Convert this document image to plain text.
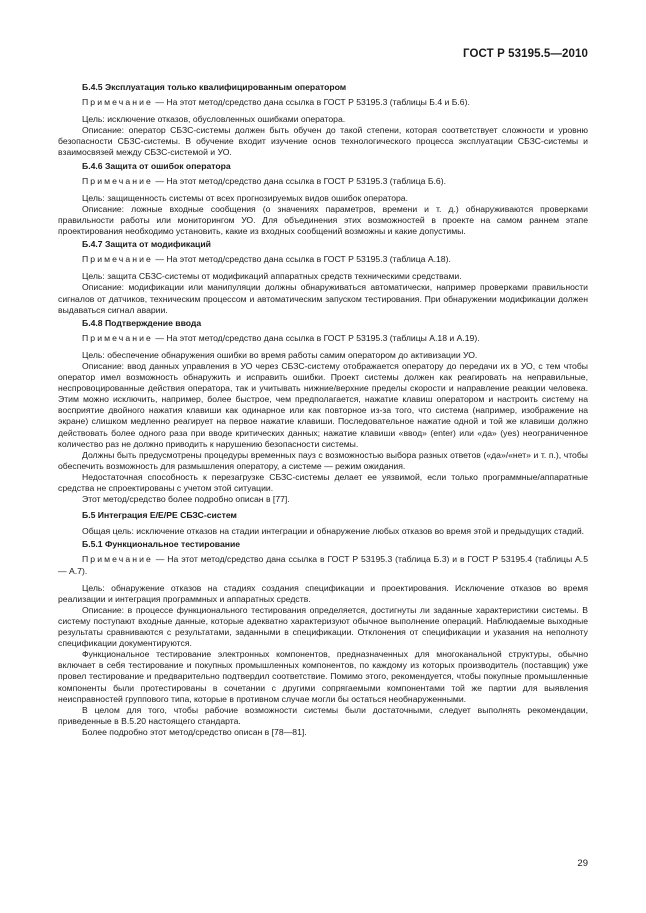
ГОСТ Р 53195.5—2010

Б.4.5 Эксплуатация только квалифицированным оператором

Примечание — На этот метод/средство дана ссылка в ГОСТ Р 53195.3 (таблицы Б.4 и Б.6).

Цель: исключение отказов, обусловленных ошибками оператора.

Описание: оператор СБЗС-системы должен быть обучен до такой степени, которая соответствует сложности и уровню безопасности СБЗС-системы. В обучение входит изучение основ технологического процесса эксплуатации СБЗС-системы и взаимосвязей между СБЗС-системой и УО.

Б.4.6 Защита от ошибок оператора

Примечание — На этот метод/средство дана ссылка в ГОСТ Р 53195.3 (таблица Б.6).

Цель: защищенность системы от всех прогнозируемых видов ошибок оператора.

Описание: ложные входные сообщения (о значениях параметров, времени и т. д.) обнаруживаются проверками правильности работы или мониторингом УО. Для объединения этих возможностей в проекте на самом раннем этапе проектирования необходимо установить, какие из входных сообщений возможны и какие допустимы.

Б.4.7 Защита от модификаций

Примечание — На этот метод/средство дана ссылка в ГОСТ Р 53195.3 (таблица А.18).

Цель: защита СБЗС-системы от модификаций аппаратных средств техническими средствами.

Описание: модификации или манипуляции должны обнаруживаться автоматически, например проверками правильности сигналов от датчиков, техническим процессом и автоматическим запуском тестирования. При обнаружении модификации должен выдаваться сигнал аварии.

Б.4.8 Подтверждение ввода

Примечание — На этот метод/средство дана ссылка в ГОСТ Р 53195.3 (таблицы А.18 и А.19).

Цель: обеспечение обнаружения ошибки во время работы самим оператором до активизации УО.

Описание: ввод данных управления в УО через СБЗС-систему отображается оператору до передачи их в УО, с тем чтобы оператор имел возможность обнаружить и исправить ошибки. Проект системы должен как реагировать на неправильные, неспровоцированные действия оператора, так и учитывать нижние/верхние пределы скорости и направление реакции человека. Этим можно исключить, например, более быстрое, чем предполагается, нажатие клавиш оператором и настроить систему на восприятие двойного нажатия клавиши как одинарное или как повторное из-за того, что система (например, изображение на экране) слишком медленно реагирует на первое нажатие клавиши. Последовательное нажатие одной и той же клавиши должно действовать более одного раза при вводе критических данных; нажатие клавиши «ввод» (enter) или «да» (yes) неограниченное количество раз не должно приводить к нарушению безопасности системы.

Должны быть предусмотрены процедуры временных пауз с возможностью выбора разных ответов («да»/«нет» и т. п.), чтобы обеспечить возможность для размышления оператору, а системе — режим ожидания.

Недостаточная способность к перезагрузке СБЗС-системы делает ее уязвимой, если только программные/аппаратные средства не спроектированы с учетом этой ситуации.

Этот метод/средство более подробно описан в [77].

Б.5 Интеграция Е/Е/РЕ СБЗС-систем

Общая цель: исключение отказов на стадии интеграции и обнаружение любых отказов во время этой и предыдущих стадий.

Б.5.1 Функциональное тестирование

Примечание — На этот метод/средство дана ссылка в ГОСТ Р 53195.3 (таблица Б.3) и в ГОСТ Р 53195.4 (таблицы А.5 — А.7).

Цель: обнаружение отказов на стадиях создания спецификации и проектирования. Исключение отказов во время реализации и интеграция программных и аппаратных средств.

Описание: в процессе функционального тестирования определяется, достигнуты ли заданные характеристики системы. В систему поступают входные данные, которые адекватно характеризуют обычное выполнение операций. Наблюдаемые выходные результаты сравниваются с результатами, заданными в спецификации. Отклонения от спецификации и указания на неполноту спецификации документируются.

Функциональное тестирование электронных компонентов, предназначенных для многоканальной структуры, обычно включает в себя тестирование и покупных промышленных компонентов, по каждому из которых производитель (поставщик) уже провел тестирование и предварительно подтвердил соответствие. Помимо этого, рекомендуется, чтобы покупные промышленные компоненты были протестированы в сочетании с другими сопрягаемыми компонентами той же партии для выявления неисправностей группового типа, которые в противном случае могли бы остаться необнаруженными.

В целом для того, чтобы рабочие возможности системы были достаточными, следует выполнять рекомендации, приведенные в В.5.20 настоящего стандарта.

Более подробно этот метод/средство описан в [78—81].

29
